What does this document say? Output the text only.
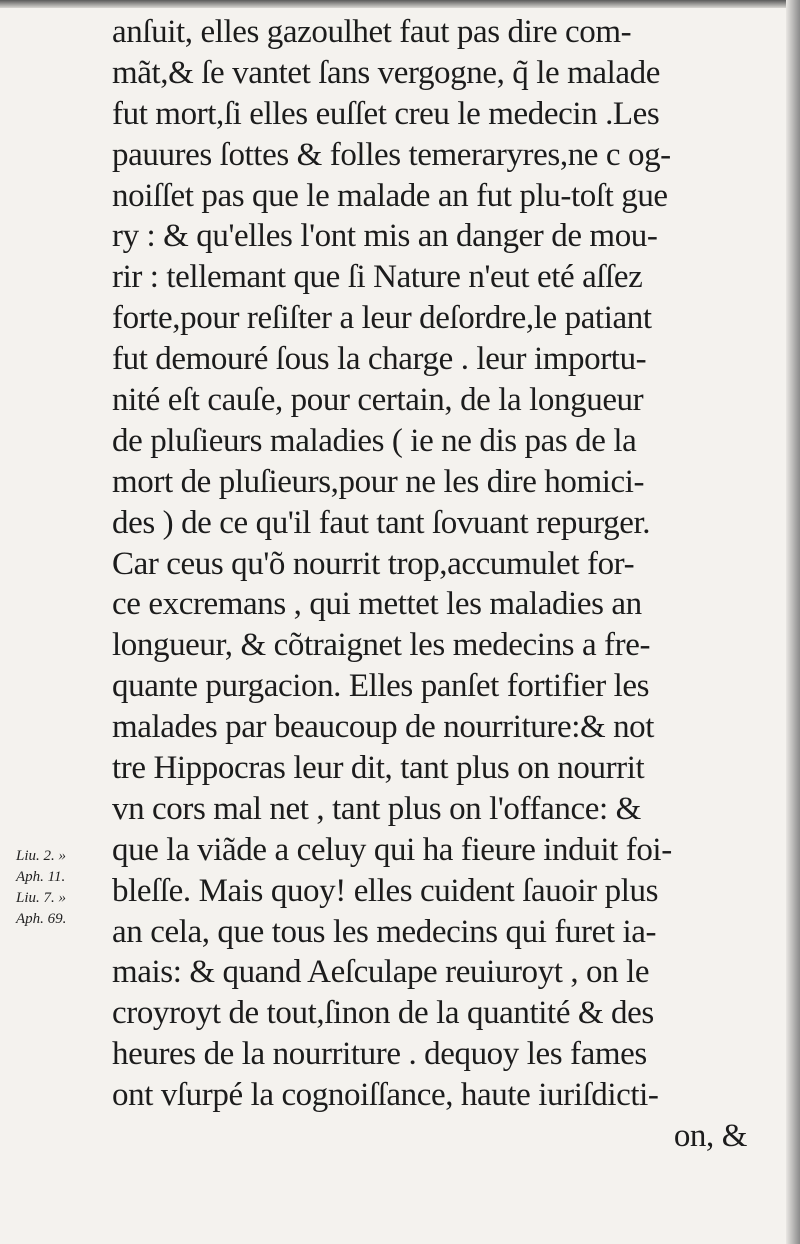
anſuit, elles gazoulhet faut pas dire com-
mãt,& ſe vantet ſans vergogne, q̃ le malade
fut mort,ſi elles euſſet creu le medecin .Les
pauures ſottes & folles temeraryres,ne c og-
noiſſet pas que le malade an fut plu-toſt gue
ry : & qu'elles l'ont mis an danger de mou-
rir : tellemant que ſi Nature n'eut eté aſſez
forte,pour reſiſter a leur deſordre,le patiant
fut demouré ſous la charge . leur importu-
nité eſt cauſe, pour certain, de la longueur
de pluſieurs maladies ( ie ne dis pas de la
mort de pluſieurs,pour ne les dire homici-
des ) de ce qu'il faut tant ſovuant repurger.
Car ceus qu'õ nourrit trop,accumulet for-
ce excremans , qui mettet les maladies an
longueur, & cõtraignet les medecins a fre-
quante purgacion. Elles panſet fortifier les
malades par beaucoup de nourriture:& not
tre Hippocras leur dit, tant plus on nourrit
vn cors mal net , tant plus on l'offance: &
que la viãde a celuy qui ha fieure induit foi-
bleſſe. Mais quoy! elles cuident ſauoir plus
an cela, que tous les medecins qui furet ia-
mais: & quand Aeſculape reuiuroyt , on le
croyroyt de tout,ſinon de la quantité & des
heures de la nourriture . dequoy les fames
ont vſurpé la cognoiſſance, haute iuriſdicti-
on, &
Liu. 2. »
Aph. 11.
Liu. 7. »
Aph. 69.
